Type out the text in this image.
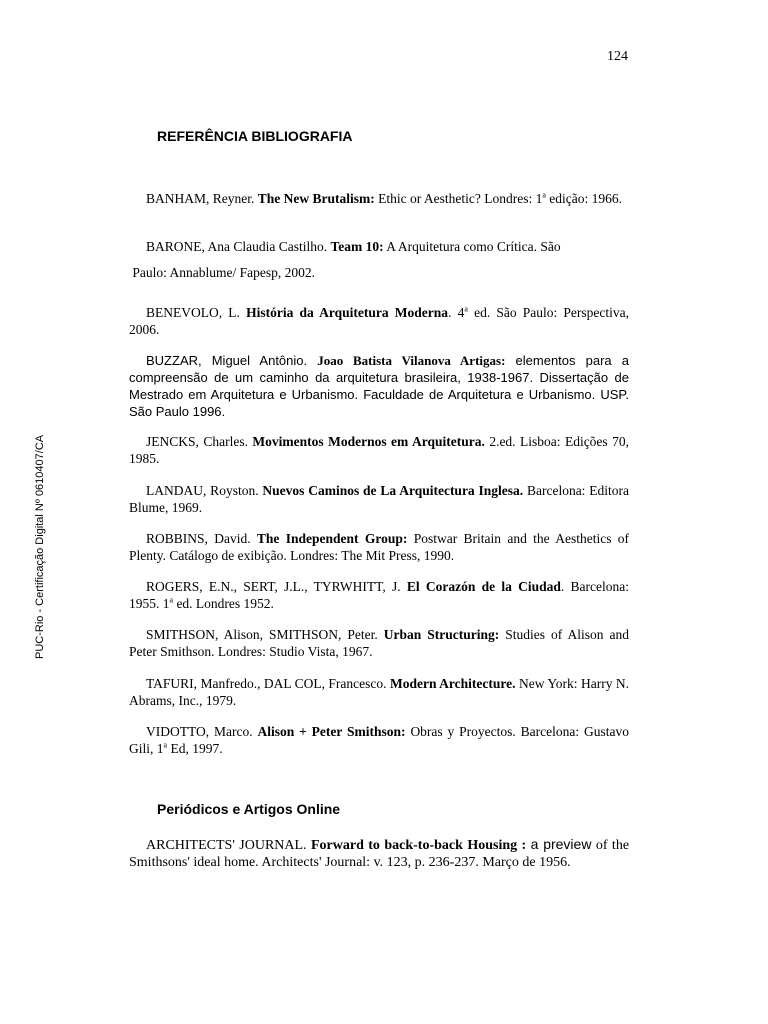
124
PUC-Rio - Certificação Digital Nº 0610407/CA
REFERÊNCIA BIBLIOGRAFIA

BANHAM, Reyner. The New Brutalism: Ethic or Aesthetic? Londres: 1$^a$ edição: 1966.

BARONE, Ana Claudia Castilho. Team 10: A Arquitetura como Crítica. São
Paulo: Annablume/ Fapesp, 2002.

BENEVOLO, L. História da Arquitetura Moderna. 4$^a$ ed. São Paulo: Perspectiva, 2006.

BUZZAR, Miguel Antônio. Joao Batista Vilanova Artigas: elementos para a compreensão de um caminho da arquitetura brasileira, 1938-1967. Dissertação de Mestrado em Arquitetura e Urbanismo. Faculdade de Arquitetura e Urbanismo. USP. São Paulo 1996.

JENCKS, Charles. Movimentos Modernos em Arquitetura. 2.ed. Lisboa: Edições 70, 1985.

LANDAU, Royston. Nuevos Caminos de La Arquitectura Inglesa. Barcelona: Editora Blume, 1969.

ROBBINS, David. The Independent Group: Postwar Britain and the Aesthetics of Plenty. Catálogo de exibição. Londres: The Mit Press, 1990.

ROGERS, E.N., SERT, J.L., TYRWHITT, J. El Corazón de la Ciudad. Barcelona: 1955. 1$^a$ ed. Londres 1952.

SMITHSON, Alison, SMITHSON, Peter. Urban Structuring: Studies of Alison and Peter Smithson. Londres: Studio Vista, 1967.

TAFURI, Manfredo., DAL COL, Francesco. Modern Architecture. New York: Harry N. Abrams, Inc., 1979.

VIDOTTO, Marco. Alison + Peter Smithson: Obras y Proyectos. Barcelona: Gustavo Gili, 1$^a$ Ed, 1997.

Periódicos e Artigos Online

ARCHITECTS' JOURNAL. Forward to back-to-back Housing : a preview of the Smithsons' ideal home. Architects' Journal: v. 123, p. 236-237. Março de 1956.
